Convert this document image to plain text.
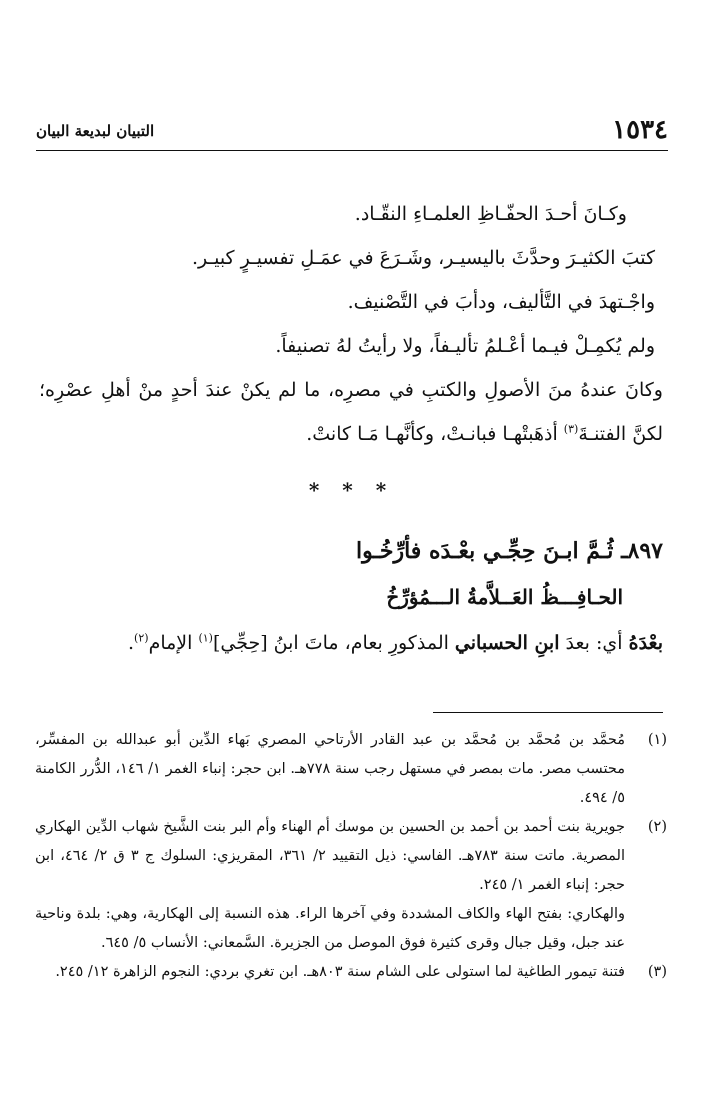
١٥٣٤
التبيان لبديعة البيان
وكـانَ أحـدَ الحفّـاظِ العلمـاءِ النقّـاد.
كتبَ الكثيـرَ وحدَّثَ باليسيـر، وشَـرَعَ في عمَـلِ تفسيـرٍ كبيـر.
واجْـتهدَ في التَّأليف، ودأبَ في التَّصْنيف.
ولم يُكمِـلْ فيـما أعْـلمُ تأليـفاً، ولا رأيتُ لهُ تصنيفاً.
وكانَ عندهُ منَ الأصولِ والكتبِ في مصرِه، ما لم يكنْ عندَ أحدٍ منْ أهلِ عصْرِه؛ لكنَّ الفتنـةَ$^{(٣)}$ أذهَبتْهـا فبانـتْ، وكأنَّهـا مَـا كانتْ.
* * *
٨٩٧ـ ثُـمَّ ابـنَ حِجِّـي بعْـدَه فأرِّخُـوا
الحـافِـــظُ العَــلاَّمةُ الـــمُؤرِّخُ
بعْدَهُ أي: بعدَ ابنِ الحسباني المذكورِ بعام، ماتَ ابنُ [حِجِّي]$^{(١)}$ الإمام$^{(٢)}$.
(١)

مُحمَّد بن مُحمَّد بن مُحمَّد بن عبد القادر الأرتاحي المصري بَهاء الدِّين أبو عبدالله بن المفسِّر، محتسب مصر. مات بمصر في مستهل رجب سنة ٧٧٨هـ. ابن حجر: إنباء الغمر ١/ ١٤٦، الدُّرر الكامنة ٥/ ٤٩٤.

(٢)

جويرية بنت أحمد بن أحمد بن الحسين بن موسك أم الهناء وأم البر بنت الشَّيخ شهاب الدِّين الهكاري المصرية. ماتت سنة ٧٨٣هـ. الفاسي: ذيل التقييد ٢/ ٣٦١، المقريزي: السلوك ج ٣ ق ٢/ ٤٦٤، ابن حجر: إنباء الغمر ١/ ٢٤٥.

والهكاري: بفتح الهاء والكاف المشددة وفي آخرها الراء. هذه النسبة إلى الهكارية، وهي: بلدة وناحية عند جبل، وقيل جبال وقرى كثيرة فوق الموصل من الجزيرة. السَّمعاني: الأنساب ٥/ ٦٤٥.

(٣)

فتنة تيمور الطاغية لما استولى على الشام سنة ٨٠٣هـ. ابن تغري بردي: النجوم الزاهرة ١٢/ ٢٤٥.
